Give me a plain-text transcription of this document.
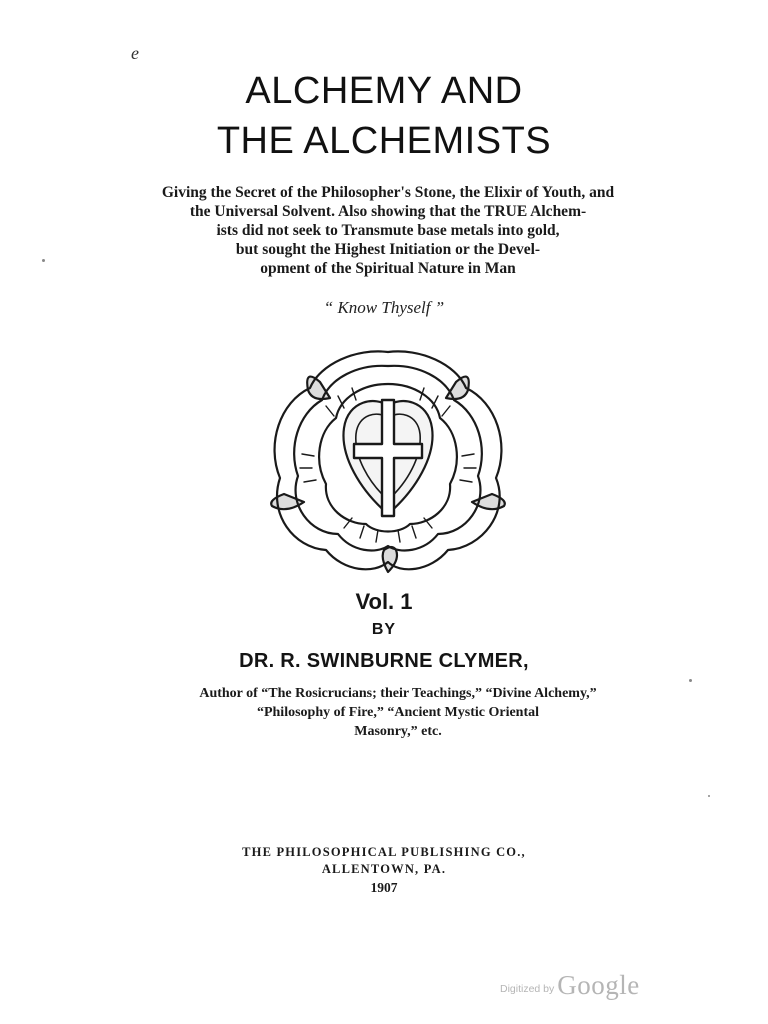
e
ALCHEMY AND
THE ALCHEMISTS
Giving the Secret of the Philosopher's Stone, the Elixir of Youth, and
the Universal Solvent. Also showing that the TRUE Alchem-
ists did not seek to Transmute base metals into gold,
but sought the Highest Initiation or the Devel-
opment of the Spiritual Nature in Man
“ Know Thyself ”
Vol. 1
BY
DR. R. SWINBURNE CLYMER,
Author of “The Rosicrucians; their Teachings,” “Divine Alchemy,”
“Philosophy of Fire,” “Ancient Mystic Oriental
Masonry,” etc.
THE PHILOSOPHICAL PUBLISHING CO.,
ALLENTOWN, PA.
1907
Digitized by Google
